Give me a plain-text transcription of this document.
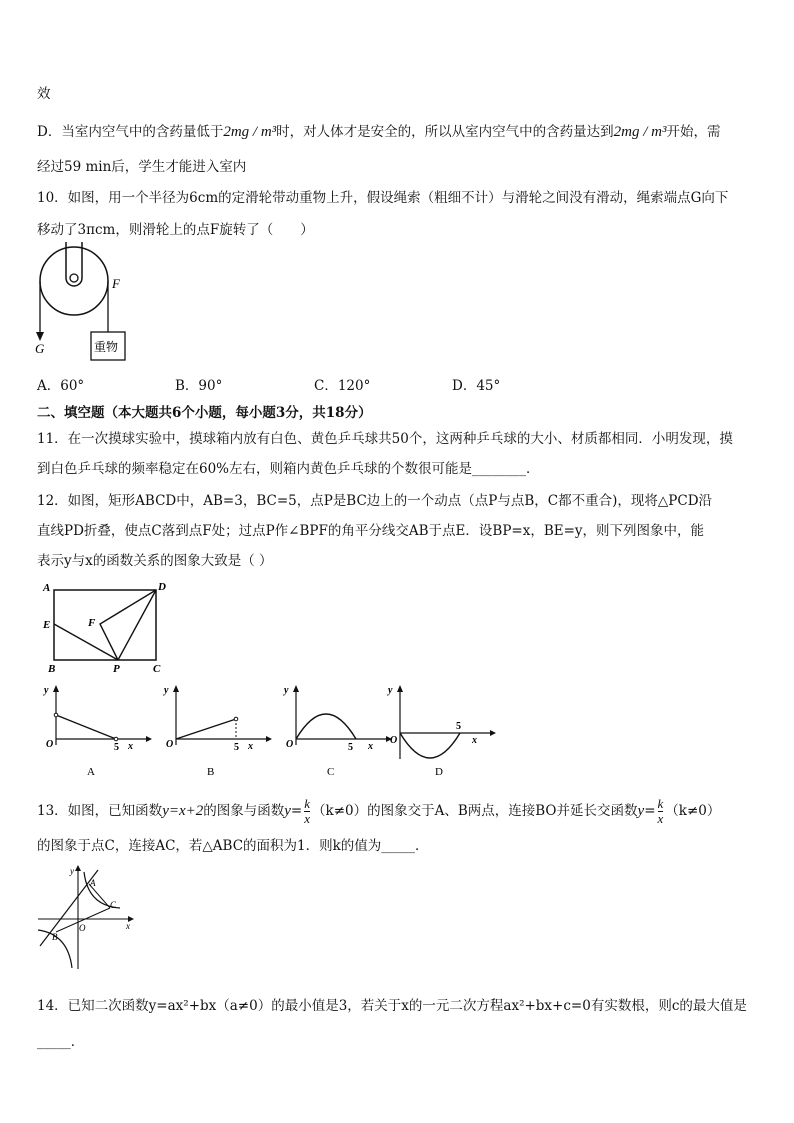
效
D．当室内空气中的含药量低于2mg / m³时，对人体才是安全的，所以从室内空气中的含药量达到2mg / m³开始，需
经过59 min后，学生才能进入室内
10．如图，用一个半径为6cm的定滑轮带动重物上升，假设绳索（粗细不计）与滑轮之间没有滑动，绳索端点G向下
移动了3πcm，则滑轮上的点F旋转了（　　）
F
G	重物
A．60°	B．90°	C．120°	D．45°
二、填空题（本大题共6个小题，每小题3分，共18分）
11．在一次摸球实验中，摸球箱内放有白色、黄色乒乓球共50个，这两种乒乓球的大小、材质都相同．小明发现，摸
到白色乒乓球的频率稳定在60%左右，则箱内黄色乒乓球的个数很可能是________．
12．如图，矩形ABCD中，AB=3，BC=5，点P是BC边上的一个动点（点P与点B，C都不重合)，现将△PCD沿
直线PD折叠，使点C落到点F处；过点P作∠BPF的角平分线交AB于点E．设BP=x，BE=y，则下列图象中，能
表示y与x的函数关系的图象大致是（ ）
A	D
E	F
B	P	C
y
O	5 x
A
y
O	5 x
B
y
O	5 x
C
y
O
5
x
D
13．如图，已知函数y=x+2的图象与函数$y= \frac{k}{x} (k\ne 0)$的图象交于A、B两点，连接BO并延长交函数$y= \frac{k}{x} (k\ne 0)$
的图象于点C，连接AC，若△ABC的面积为1．则k的值为_____．
y
A
C
x
B
O
14．已知二次函数y=ax²+bx（a≠0）的最小值是3，若关于x的一元二次方程ax²+bx+c=0有实数根，则c的最大值是
_____．
